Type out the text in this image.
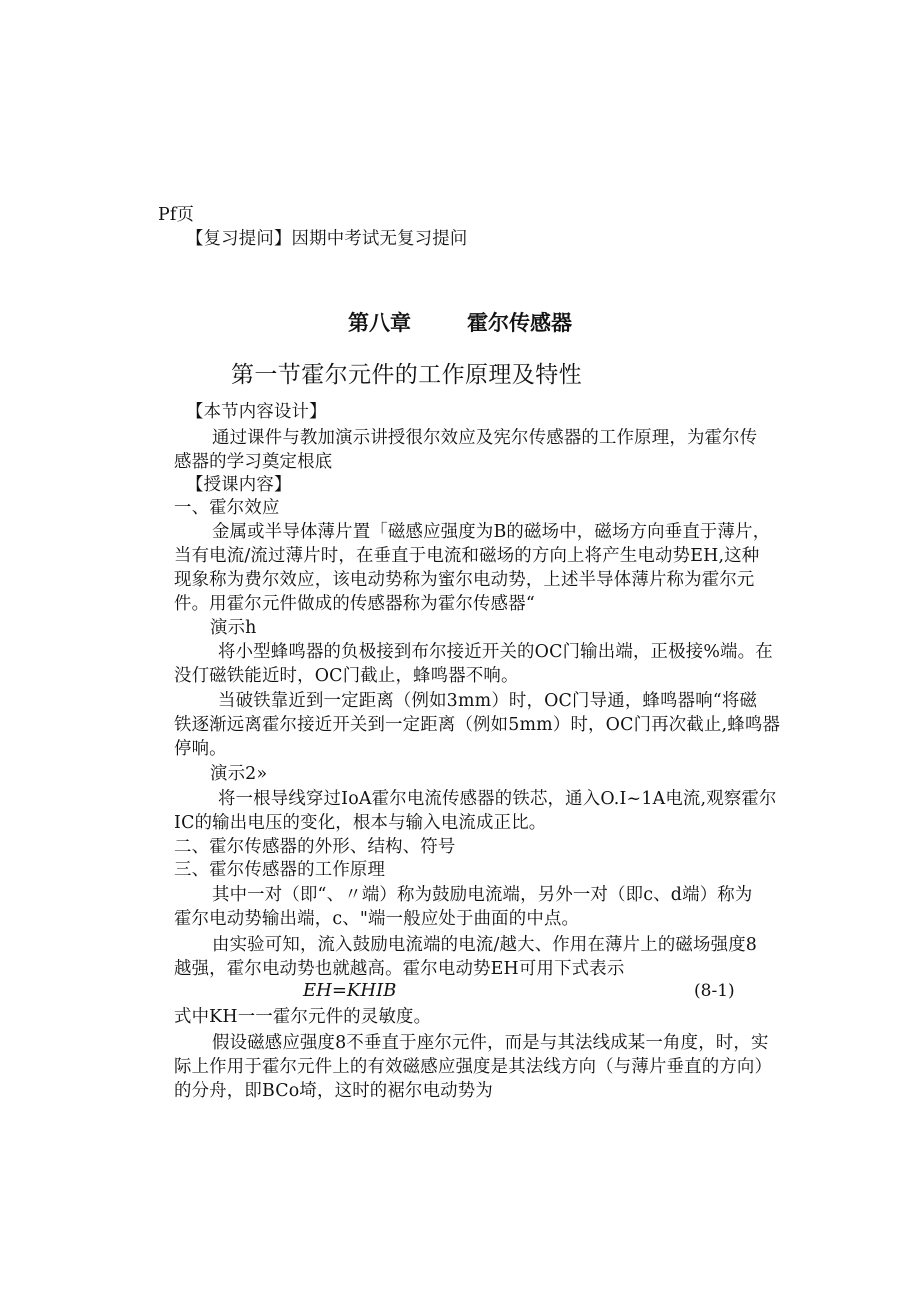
Pf页
【复习提问】因期中考试无复习提问
第八章	霍尔传感器
第一节霍尔元件的工作原理及特性
【本节内容设计】
通过课件与教加演示讲授很尔效应及宪尔传感器的工作原理，为霍尔传
感器的学习奠定根底
【授课内容】
一、霍尔效应
金属或半导体薄片置「磁感应强度为B的磁场中，磁场方向垂直于薄片，
当有电流/流过薄片时，在垂直于电流和磁场的方向上将产生电动势EH,这种
现象称为费尔效应，该电动势称为蜜尔电动势，上述半导体薄片称为霍尔元
件。用霍尔元件做成的传感器称为霍尔传感器“
演示h
将小型蜂鸣器的负极接到布尔接近开关的OC门输出端，正极接%端。在
没仃磁铁能近时，OC门截止，蜂鸣器不响。
当破铁靠近到一定距离（例如3mm）时，OC门导通，蜂鸣器响“将磁
铁逐渐远离霍尔接近开关到一定距离（例如5mm）时，OC门再次截止,蜂鸣器
停响。
演示2»
将一根导线穿过IoA霍尔电流传感器的铁芯，通入O.I~1A电流,观察霍尔
IC的输出电压的变化，根本与输入电流成正比。
二、霍尔传感器的外形、结构、符号
三、霍尔传感器的工作原理
其中一对（即“、〃端）称为鼓励电流端，另外一对（即c、d端）称为
霍尔电动势输出端，c、"端一般应处于曲面的中点。
由实验可知，流入鼓励电流端的电流/越大、作用在薄片上的磁场强度8
越强，霍尔电动势也就越高。霍尔电动势EH可用下式表示
EH=KHIB	(8-1)
式中KH一一霍尔元件的灵敏度。
假设磁感应强度8不垂直于座尔元件，而是与其法线成某一角度，时，实
际上作用于霍尔元件上的有效磁感应强度是其法线方向（与薄片垂直的方向）
的分舟，即BCo埼，这时的裾尔电动势为
